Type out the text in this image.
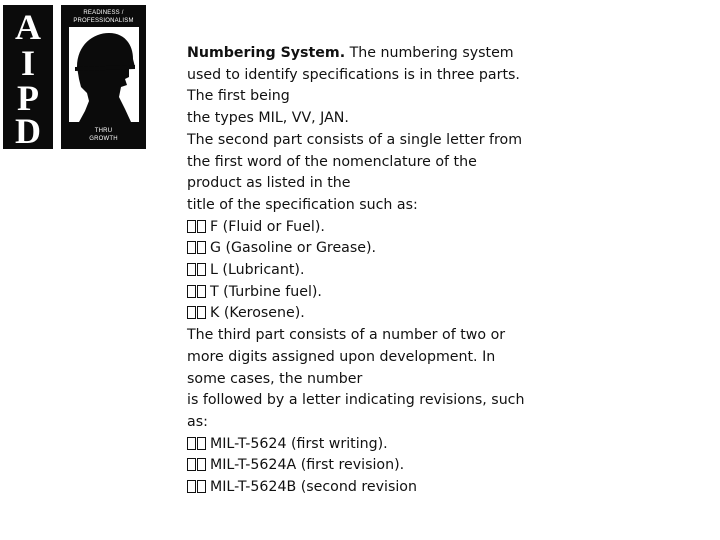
A
I
P
D
READINESS / PROFESSIONALISM
THRU
GROWTH
Numbering System. The numbering system
used to identify specifications is in three parts.
The first being
the types MIL, VV, JAN.
The second part consists of a single letter from
the first word of the nomenclature of the
product as listed in the
title of the specification such as:
F (Fluid or Fuel).
G (Gasoline or Grease).
L (Lubricant).
T (Turbine fuel).
K (Kerosene).
The third part consists of a number of two or
more digits assigned upon development. In
some cases, the number
is followed by a letter indicating revisions, such
as:
MIL-T-5624 (first writing).
MIL-T-5624A (first revision).
MIL-T-5624B (second revision
